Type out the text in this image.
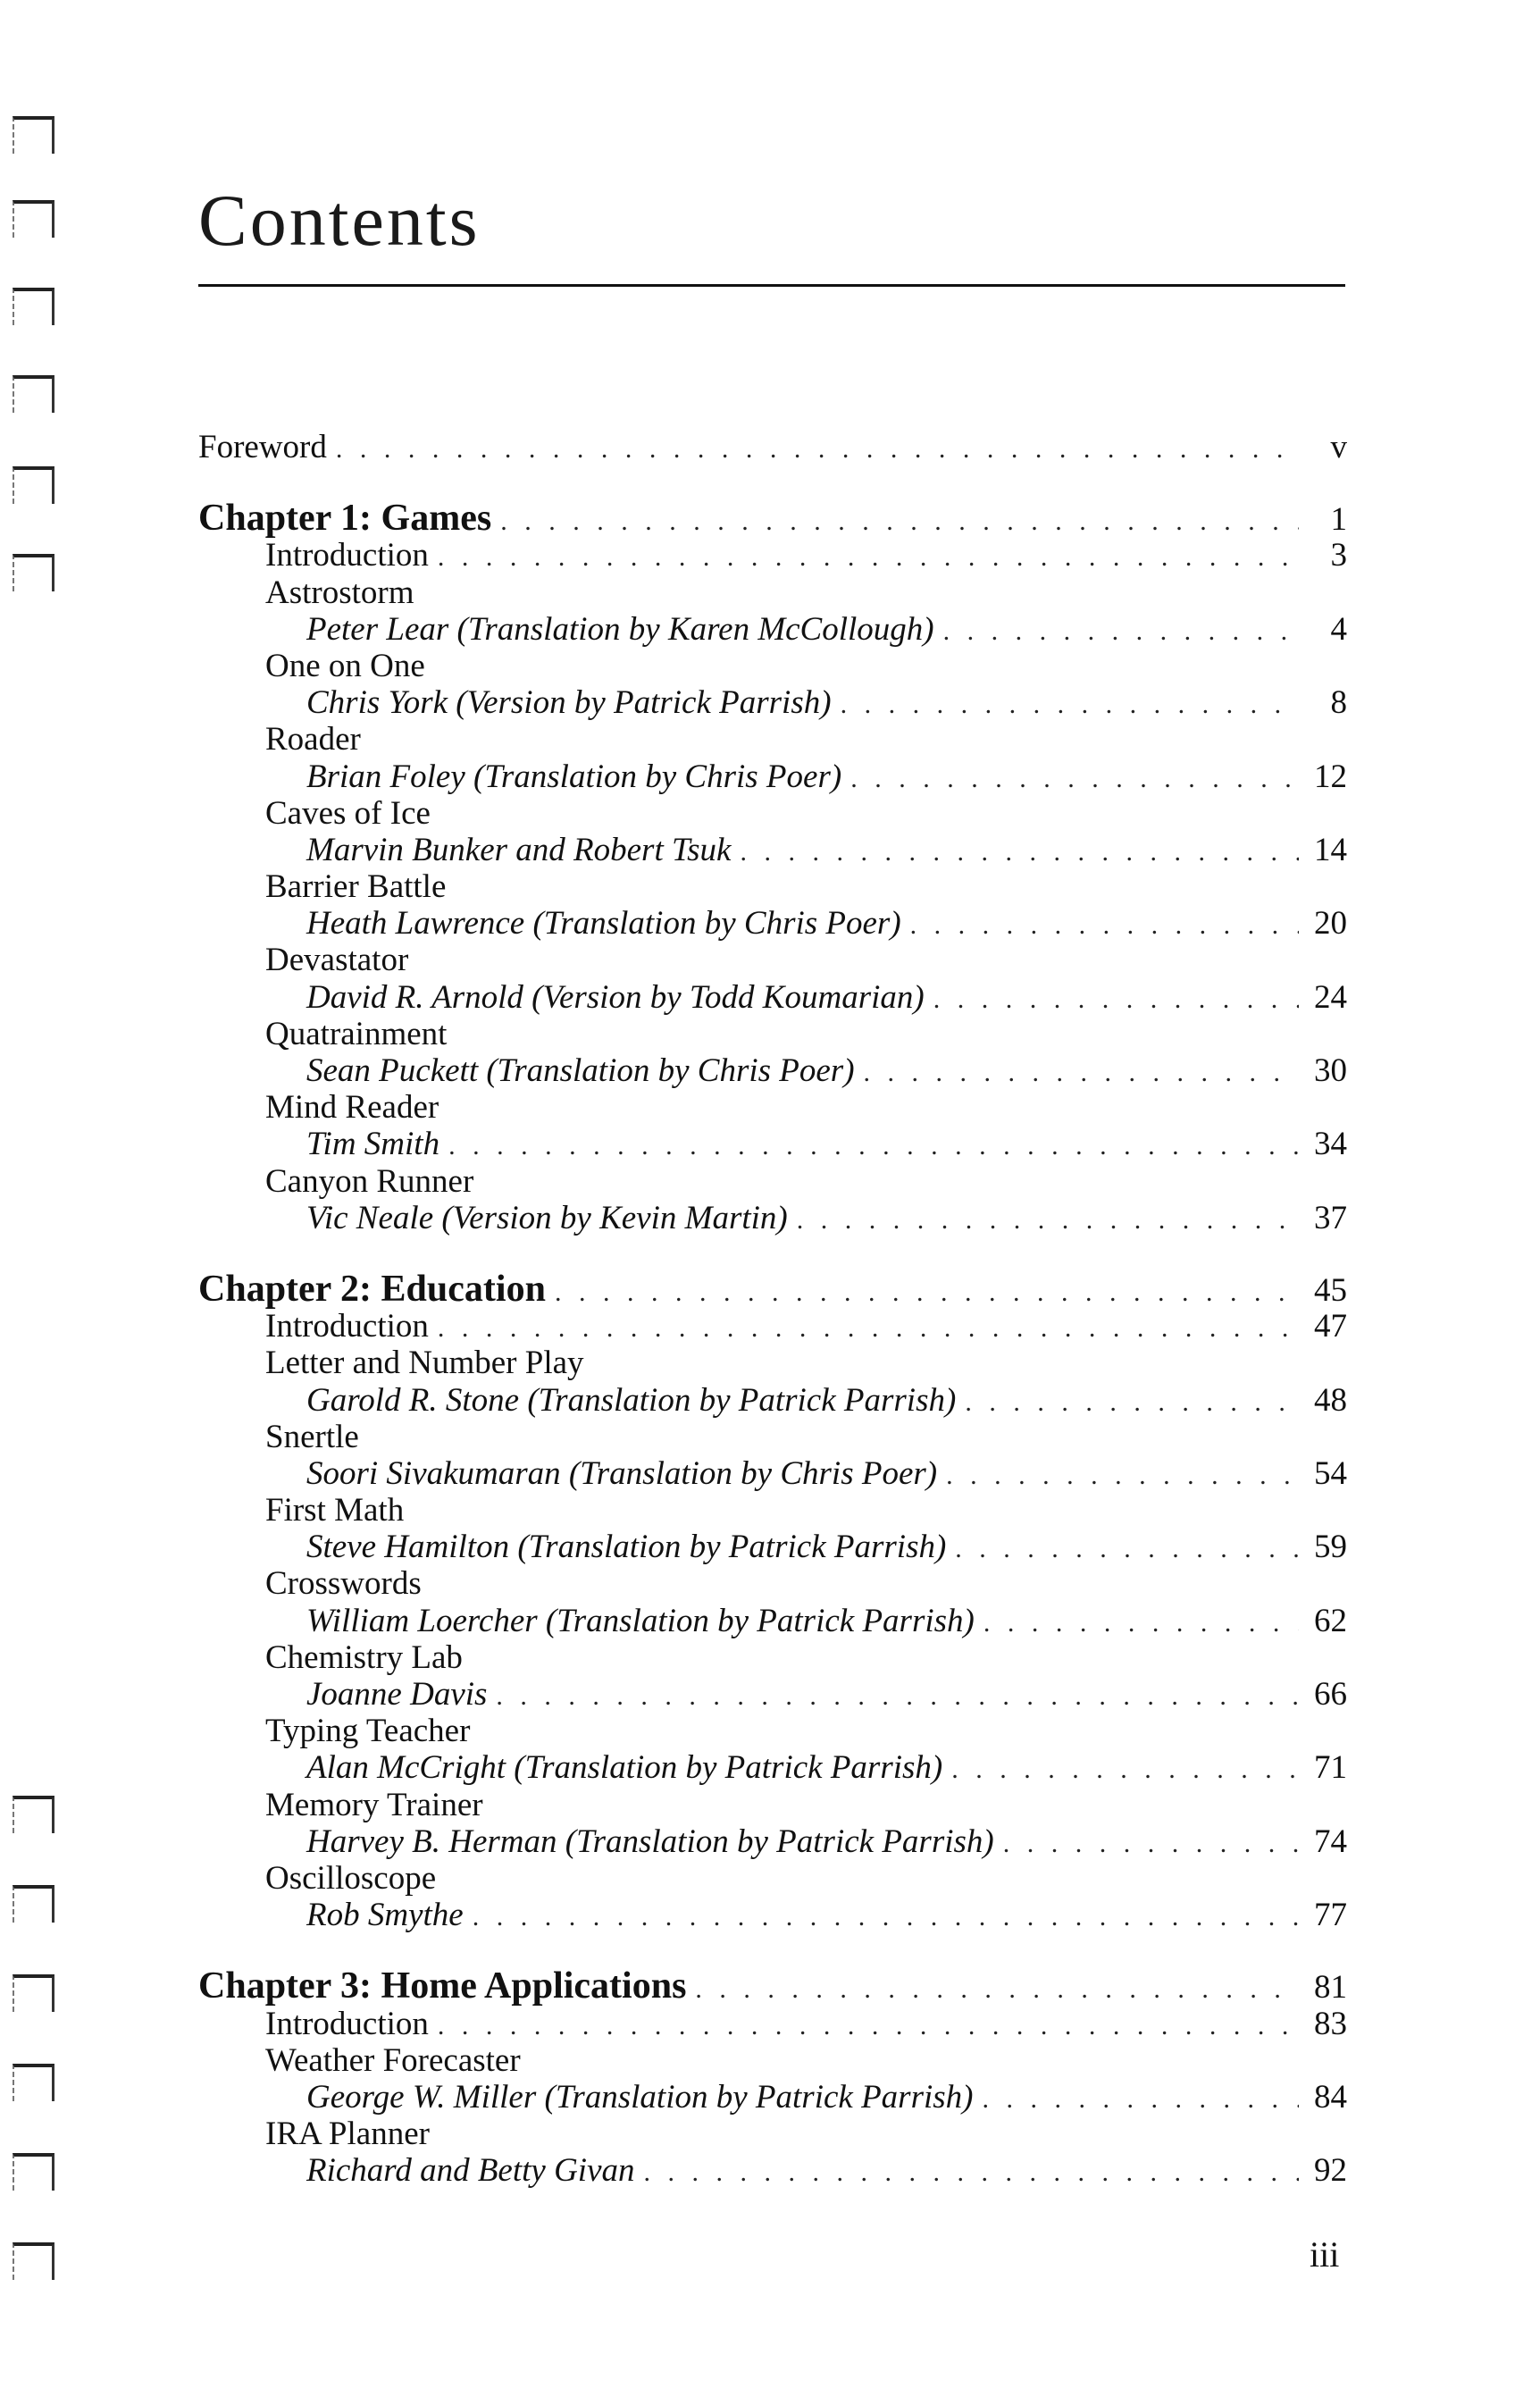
Contents
Foreword . . .	v
Chapter 1: Games . . .	1
Introduction . . .	3
Astrostorm
Peter Lear (Translation by Karen McCollough) . . .	4
One on One
Chris York (Version by Patrick Parrish) . . .	8
Roader
Brian Foley (Translation by Chris Poer) . . .	12
Caves of Ice
Marvin Bunker and Robert Tsuk . . .	14
Barrier Battle
Heath Lawrence (Translation by Chris Poer) . . .	20
Devastator
David R. Arnold (Version by Todd Koumarian) . . .	24
Quatrainment
Sean Puckett (Translation by Chris Poer) . . .	30
Mind Reader
Tim Smith . . .	34
Canyon Runner
Vic Neale (Version by Kevin Martin) . . .	37
Chapter 2: Education . . .	45
Introduction . . .	47
Letter and Number Play
Garold R. Stone (Translation by Patrick Parrish) . . .	48
Snertle
Soori Sivakumaran (Translation by Chris Poer) . . .	54
First Math
Steve Hamilton (Translation by Patrick Parrish) . . .	59
Crosswords
William Loercher (Translation by Patrick Parrish) . . .	62
Chemistry Lab
Joanne Davis . . .	66
Typing Teacher
Alan McCright (Translation by Patrick Parrish) . . .	71
Memory Trainer
Harvey B. Herman (Translation by Patrick Parrish) . . .	74
Oscilloscope
Rob Smythe . . .	77
Chapter 3: Home Applications . . .	81
Introduction . . .	83
Weather Forecaster
George W. Miller (Translation by Patrick Parrish) . . .	84
IRA Planner
Richard and Betty Givan . . .	92
iii
